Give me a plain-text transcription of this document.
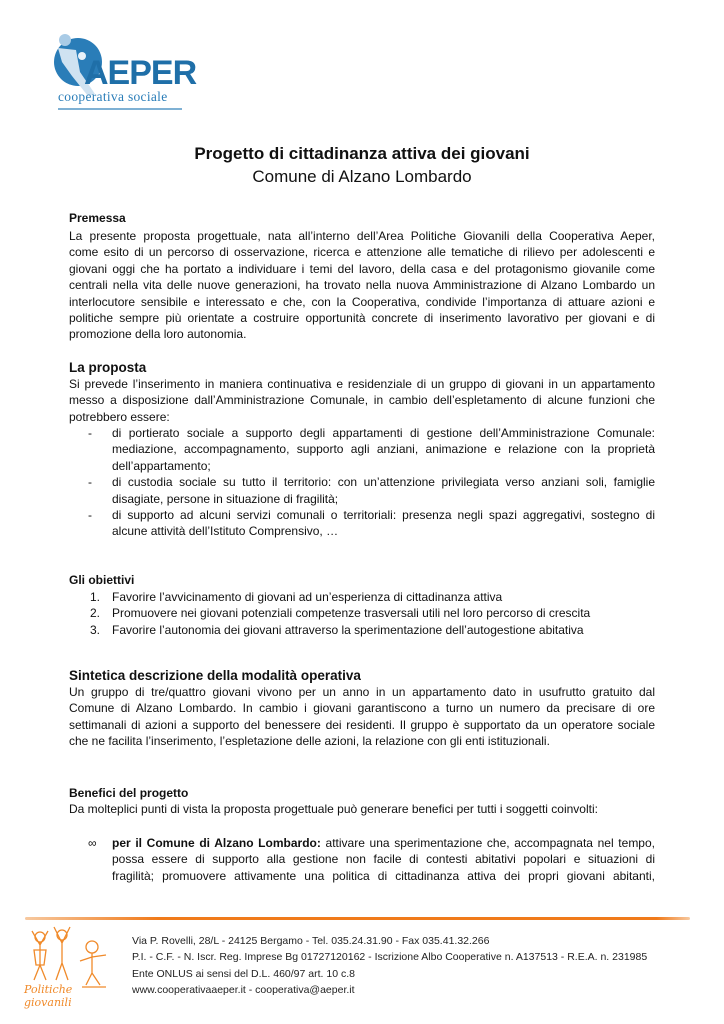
AEPER
cooperativa sociale
Progetto di cittadinanza attiva dei giovani
Comune di Alzano Lombardo
Premessa
La presente proposta progettuale, nata all’interno dell’Area Politiche Giovanili della Cooperativa Aeper,
come esito di un percorso di osservazione, ricerca e attenzione alle tematiche di rilievo per adolescenti e
giovani oggi che ha portato a individuare i temi del lavoro, della casa e del protagonismo giovanile come
centrali nella vita delle nuove generazioni, ha trovato nella nuova Amministrazione di Alzano Lombardo un
interlocutore sensibile e interessato e che, con la Cooperativa, condivide l’importanza di attuare azioni e
politiche sempre più orientate a costruire opportunità concrete di inserimento lavorativo per giovani e di
promozione della loro autonomia.
La proposta
Si prevede l’inserimento in maniera continuativa e residenziale di un gruppo di giovani in un appartamento
messo a disposizione dall’Amministrazione Comunale, in cambio dell’espletamento di alcune funzioni che
potrebbero essere:
- di portierato sociale a supporto degli appartamenti di gestione dell’Amministrazione Comunale:
mediazione, accompagnamento, supporto agli anziani, animazione e relazione con la proprietà
dell’appartamento;
- di custodia sociale su tutto il territorio: con un’attenzione privilegiata verso anziani soli, famiglie
disagiate, persone in situazione di fragilità;
- di supporto ad alcuni servizi comunali o territoriali: presenza negli spazi aggregativi, sostegno di
alcune attività dell’Istituto Comprensivo, …
Gli obiettivi
1. Favorire l’avvicinamento di giovani ad un’esperienza di cittadinanza attiva
2. Promuovere nei giovani potenziali competenze trasversali utili nel loro percorso di crescita
3. Favorire l’autonomia dei giovani attraverso la sperimentazione dell’autogestione abitativa
Sintetica descrizione della modalità operativa
Un gruppo di tre/quattro giovani vivono per un anno in un appartamento dato in usufrutto gratuito dal
Comune di Alzano Lombardo. In cambio i giovani garantiscono a turno un numero da precisare di ore
settimanali di azioni a supporto del benessere dei residenti. Il gruppo è supportato da un operatore sociale
che ne facilita l’inserimento, l’espletazione delle azioni, la relazione con gli enti istituzionali.
Benefici del progetto
Da molteplici punti di vista la proposta progettuale può generare benefici per tutti i soggetti coinvolti:
∞ per il Comune di Alzano Lombardo: attivare una sperimentazione che, accompagnata nel tempo,
possa essere di supporto alla gestione non facile di contesti abitativi popolari e situazioni di
fragilità; promuovere attivamente una politica di cittadinanza attiva dei propri giovani abitanti,
Politiche giovanili
Via P. Rovelli, 28/L - 24125 Bergamo - Tel. 035.24.31.90 - Fax 035.41.32.266
P.I. - C.F. - N. Iscr. Reg. Imprese Bg 01727120162 - Iscrizione Albo Cooperative n. A137513 - R.E.A. n. 231985
Ente ONLUS ai sensi del D.L. 460/97 art. 10 c.8
www.cooperativaaeper.it - cooperativa@aeper.it
